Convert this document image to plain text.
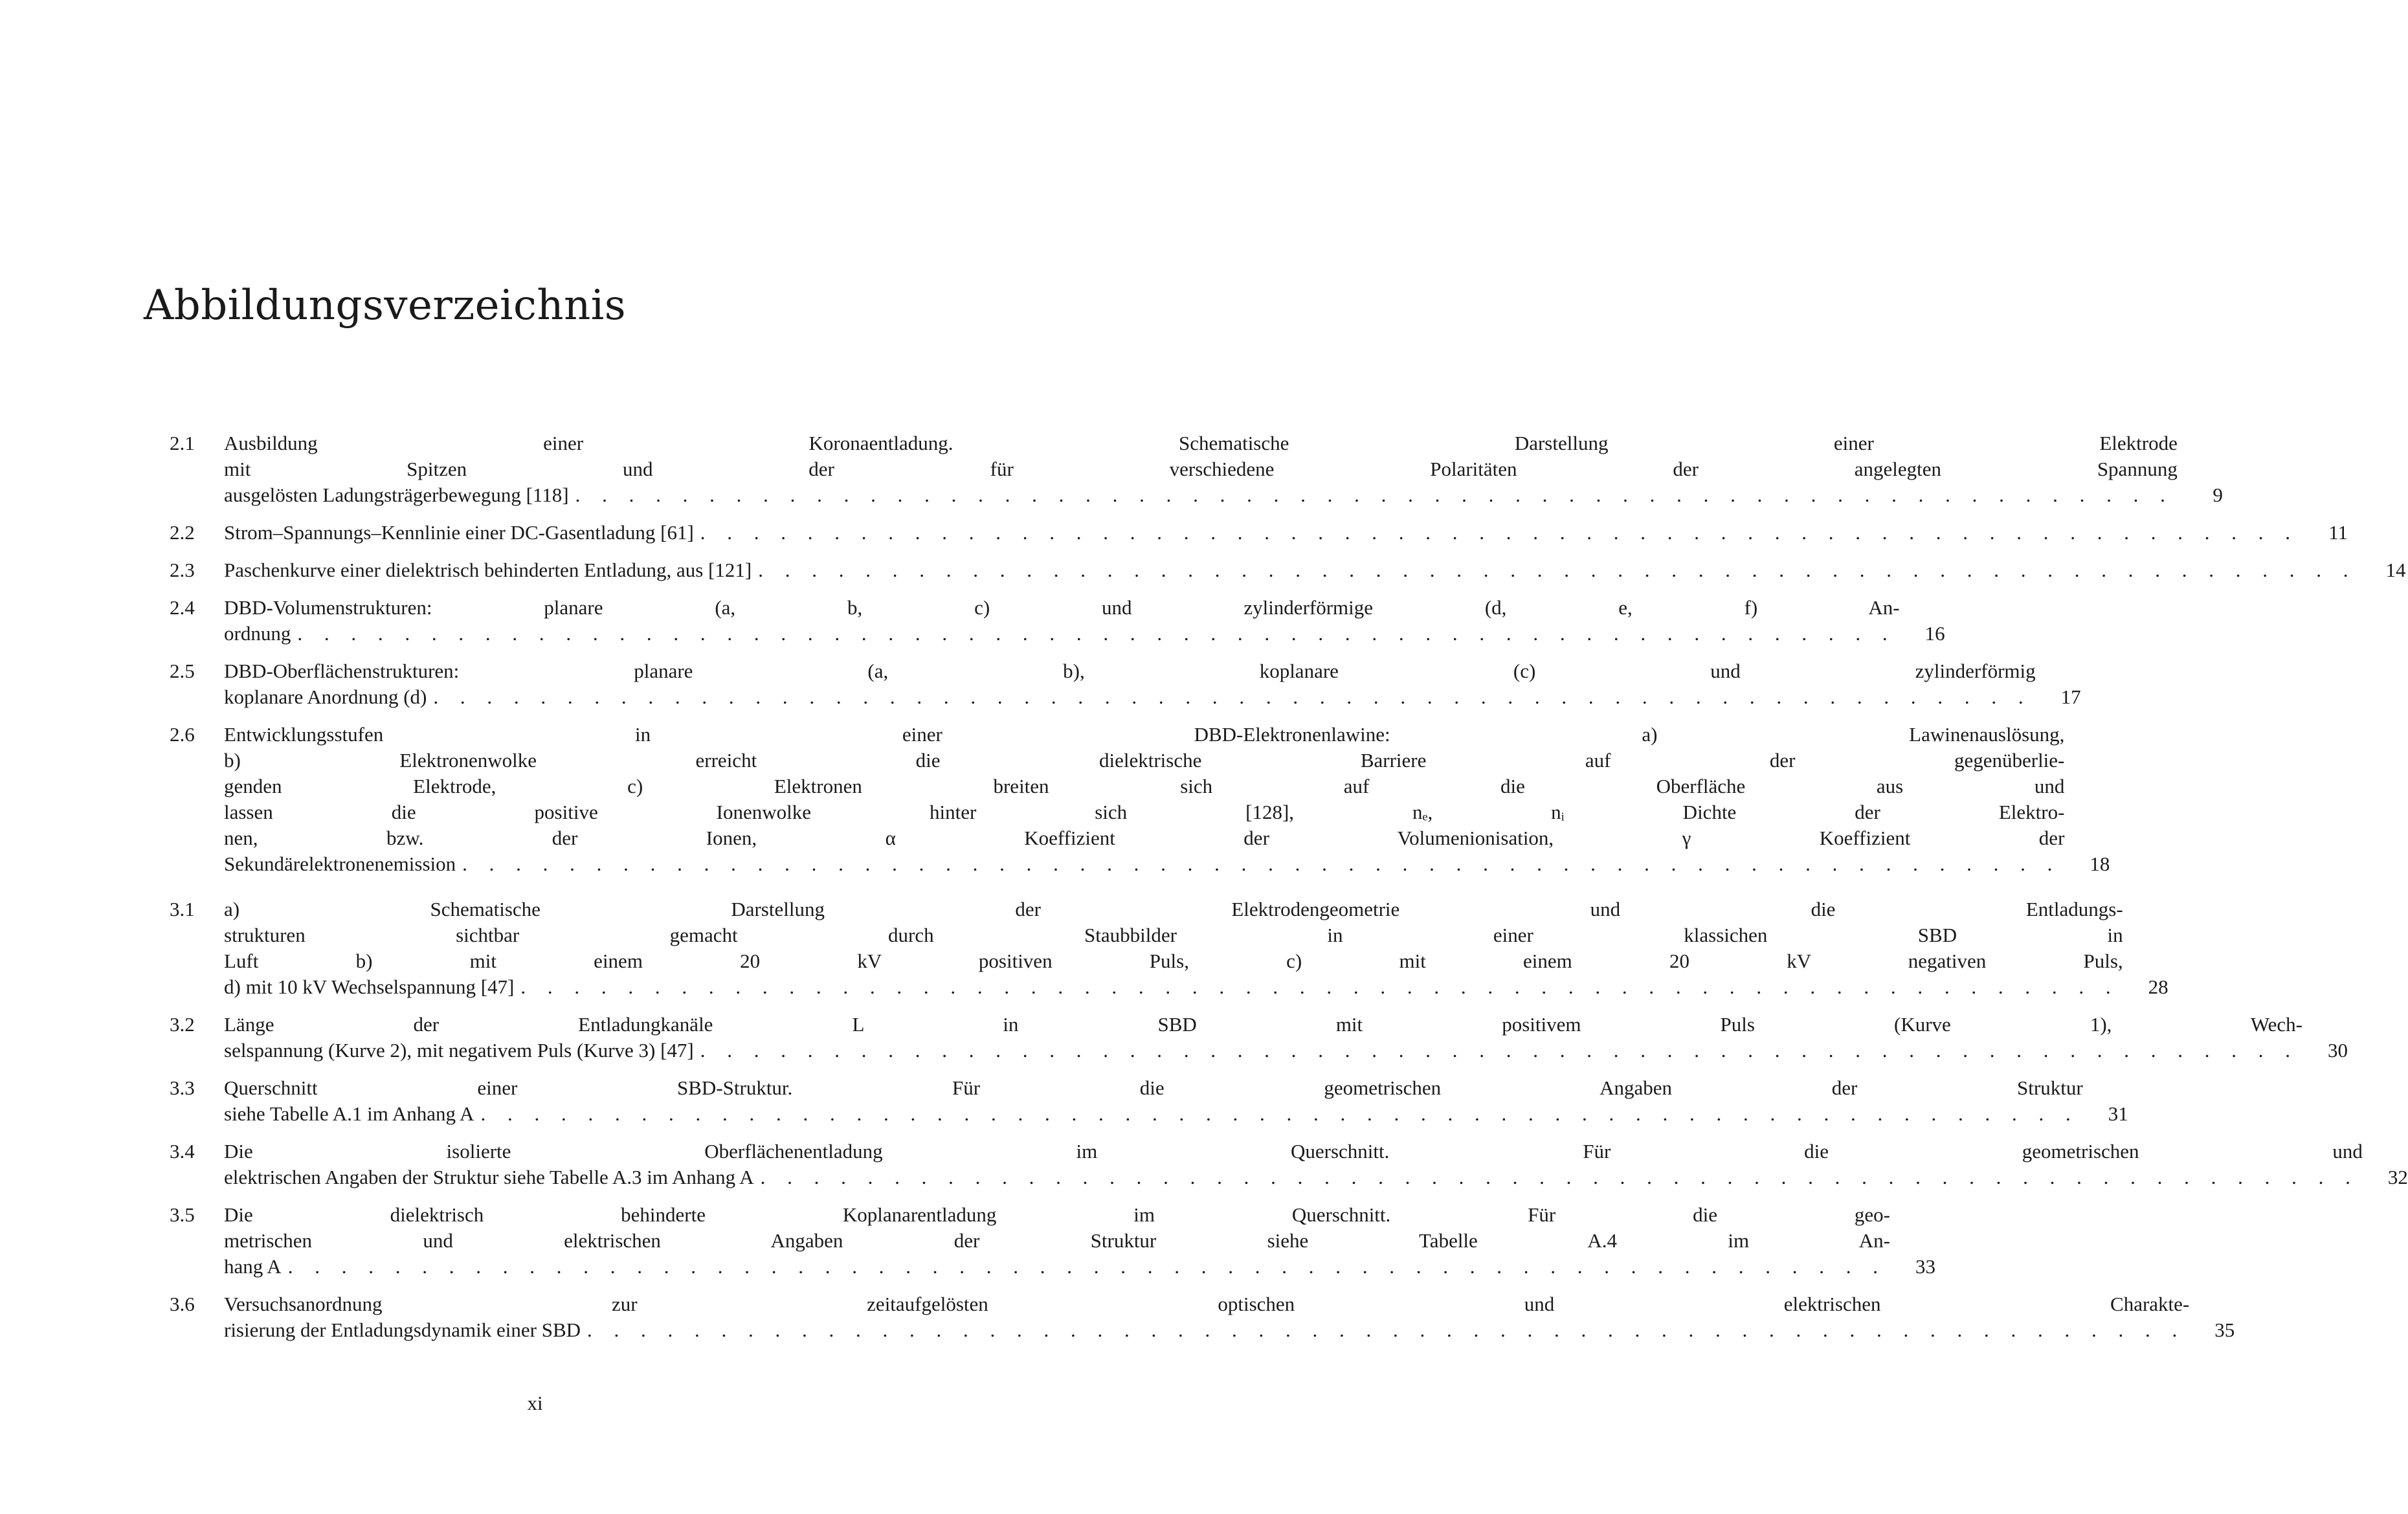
Abbildungsverzeichnis
2.1	Ausbildung einer Koronaentladung. Schematische Darstellung einer Elektrode
mit Spitzen und der für verschiedene Polaritäten der angelegten Spannung
ausgelösten Ladungsträgerbewegung [118] . . . . . . . . . . . . . . . . . . . . . . . . . . . . . . . . . . . . . . . . . . . . . . . . . . . . . . . . . . . .	9
2.2	Strom–Spannungs–Kennlinie einer DC-Gasentladung [61] . . . . . . . . . . . . . . . . . . . . . . . . . . . . . . . . . . . . . . . . . . . . . . . . . . . . . . . . . . . .	11
2.3	Paschenkurve einer dielektrisch behinderten Entladung, aus [121] . . . . . . . . . . . . . . . . . . . . . . . . . . . . . . . . . . . . . . . . . . . . . . . . . . . . . . . . . . . .	14
2.4	DBD-Volumenstrukturen: planare (a, b, c) und zylinderförmige (d, e, f) An-
ordnung . . . . . . . . . . . . . . . . . . . . . . . . . . . . . . . . . . . . . . . . . . . . . . . . . . . . . . . . . . . .	16
2.5	DBD-Oberflächenstrukturen: planare (a, b), koplanare (c) und zylinderförmig
koplanare Anordnung (d) . . . . . . . . . . . . . . . . . . . . . . . . . . . . . . . . . . . . . . . . . . . . . . . . . . . . . . . . . . . .	17
2.6	Entwicklungsstufen in einer DBD-Elektronenlawine: a) Lawinenauslösung,
b) Elektronenwolke erreicht die dielektrische Barriere auf der gegenüberlie-
genden Elektrode, c) Elektronen breiten sich auf die Oberfläche aus und
lassen die positive Ionenwolke hinter sich [128], nₑ, nᵢ Dichte der Elektro-
nen, bzw. der Ionen, α Koeffizient der Volumenionisation, γ Koeffizient der
Sekundärelektronenemission . . . . . . . . . . . . . . . . . . . . . . . . . . . . . . . . . . . . . . . . . . . . . . . . . . . . . . . . . . . .	18
3.1	a) Schematische Darstellung der Elektrodengeometrie und die Entladungs-
strukturen sichtbar gemacht durch Staubbilder in einer klassichen SBD in
Luft b) mit einem 20 kV positiven Puls, c) mit einem 20 kV negativen Puls,
d) mit 10 kV Wechselspannung [47] . . . . . . . . . . . . . . . . . . . . . . . . . . . . . . . . . . . . . . . . . . . . . . . . . . . . . . . . . . . .	28
3.2	Länge der Entladungkanäle L in SBD mit positivem Puls (Kurve 1), Wech-
selspannung (Kurve 2), mit negativem Puls (Kurve 3) [47] . . . . . . . . . . . . . . . . . . . . . . . . . . . . . . . . . . . . . . . . . . . . . . . . . . . . . . . . . . . .	30
3.3	Querschnitt einer SBD-Struktur. Für die geometrischen Angaben der Struktur
siehe Tabelle A.1 im Anhang A . . . . . . . . . . . . . . . . . . . . . . . . . . . . . . . . . . . . . . . . . . . . . . . . . . . . . . . . . . . .	31
3.4	Die isolierte Oberflächenentladung im Querschnitt. Für die geometrischen und
elektrischen Angaben der Struktur siehe Tabelle A.3 im Anhang A . . . . . . . . . . . . . . . . . . . . . . . . . . . . . . . . . . . . . . . . . . . . . . . . . . . . . . . . . . . .	32
3.5	Die dielektrisch behinderte Koplanarentladung im Querschnitt. Für die geo-
metrischen und elektrischen Angaben der Struktur siehe Tabelle A.4 im An-
hang A . . . . . . . . . . . . . . . . . . . . . . . . . . . . . . . . . . . . . . . . . . . . . . . . . . . . . . . . . . . .	33
3.6	Versuchsanordnung zur zeitaufgelösten optischen und elektrischen Charakte-
risierung der Entladungsdynamik einer SBD . . . . . . . . . . . . . . . . . . . . . . . . . . . . . . . . . . . . . . . . . . . . . . . . . . . . . . . . . . . .	35
xi
